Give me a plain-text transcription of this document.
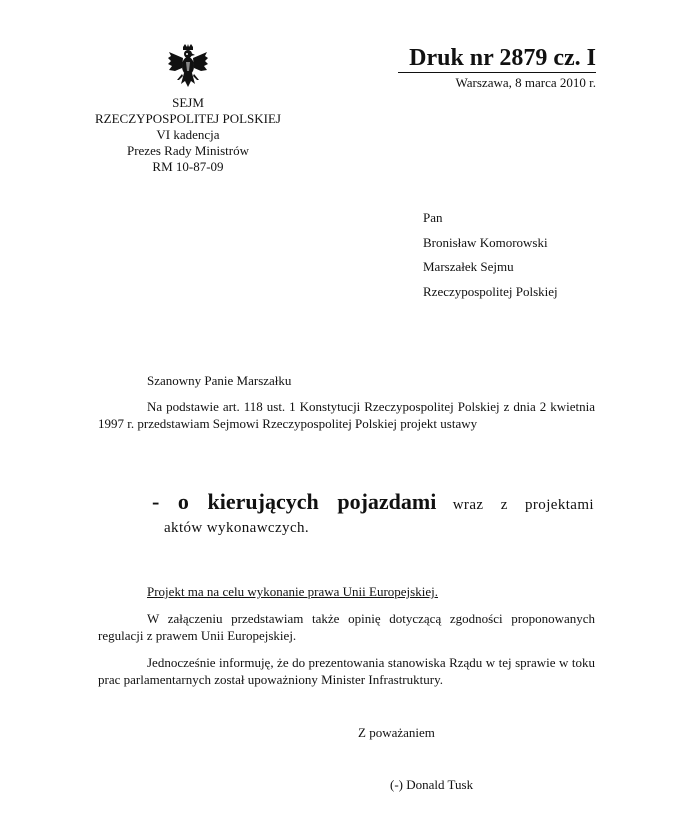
SEJM
RZECZYPOSPOLITEJ POLSKIEJ
VI kadencja
Prezes Rady Ministrów
RM 10-87-09
Druk nr 2879 cz. I
Warszawa, 8 marca 2010 r.
Pan
Bronisław Komorowski
Marszałek Sejmu
Rzeczypospolitej Polskiej
Szanowny Panie Marszałku
Na podstawie art. 118 ust. 1 Konstytucji Rzeczypospolitej Polskiej z dnia 2 kwietnia 1997 r. przedstawiam Sejmowi Rzeczypospolitej Polskiej projekt ustawy
- o kierujących pojazdami wraz z projektami
aktów wykonawczych.
Projekt ma na celu wykonanie prawa Unii Europejskiej.
W załączeniu przedstawiam także opinię dotyczącą zgodności proponowanych regulacji z prawem Unii Europejskiej.
Jednocześnie informuję, że do prezentowania stanowiska Rządu w tej sprawie w toku prac parlamentarnych został upoważniony Minister Infrastruktury.
Z poważaniem
(-) Donald Tusk
